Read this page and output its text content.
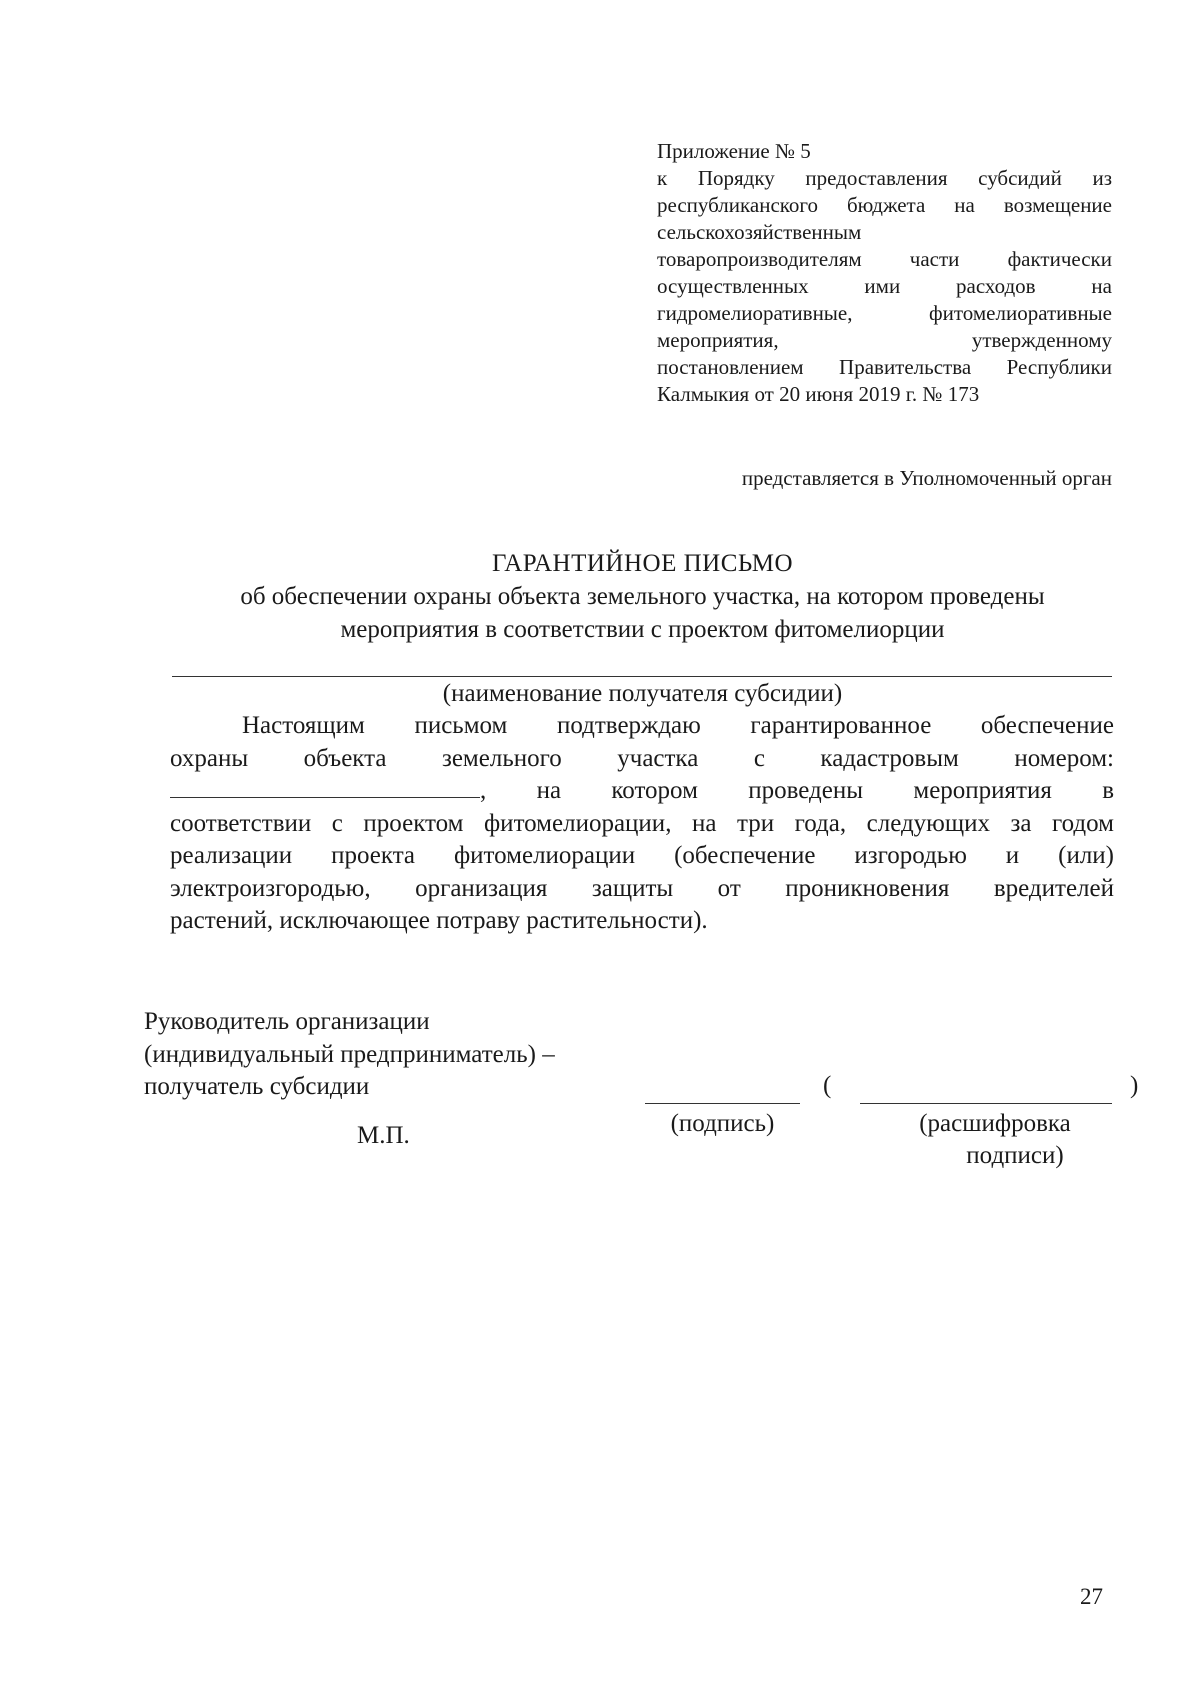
Приложение № 5
к Порядку предоставления субсидий из
республиканского бюджета на возмещение
сельскохозяйственным
товаропроизводителям части фактически
осуществленных ими расходов на
гидромелиоративные, фитомелиоративные
мероприятия, утвержденному
постановлением Правительства Республики
Калмыкия от 20 июня 2019 г. № 173
представляется в Уполномоченный орган
ГАРАНТИЙНОЕ ПИСЬМО
об обеспечении охраны объекта земельного участка, на котором проведены
мероприятия в соответствии с проектом фитомелиорции
(наименование получателя субсидии)
Настоящим письмом подтверждаю гарантированное обеспечение
охраны объекта земельного участка с кадастровым номером:
, на котором проведены мероприятия в
соответствии с проектом фитомелиорации, на три года, следующих за годом
реализации проекта фитомелиорации (обеспечение изгородью и (или)
электроизгородью, организация защиты от проникновения вредителей
растений, исключающее потраву растительности).
Руководитель организации
(индивидуальный предприниматель) –
получатель субсидии
М.П.
(	)
(подпись)	(расшифровка
подписи)
27
